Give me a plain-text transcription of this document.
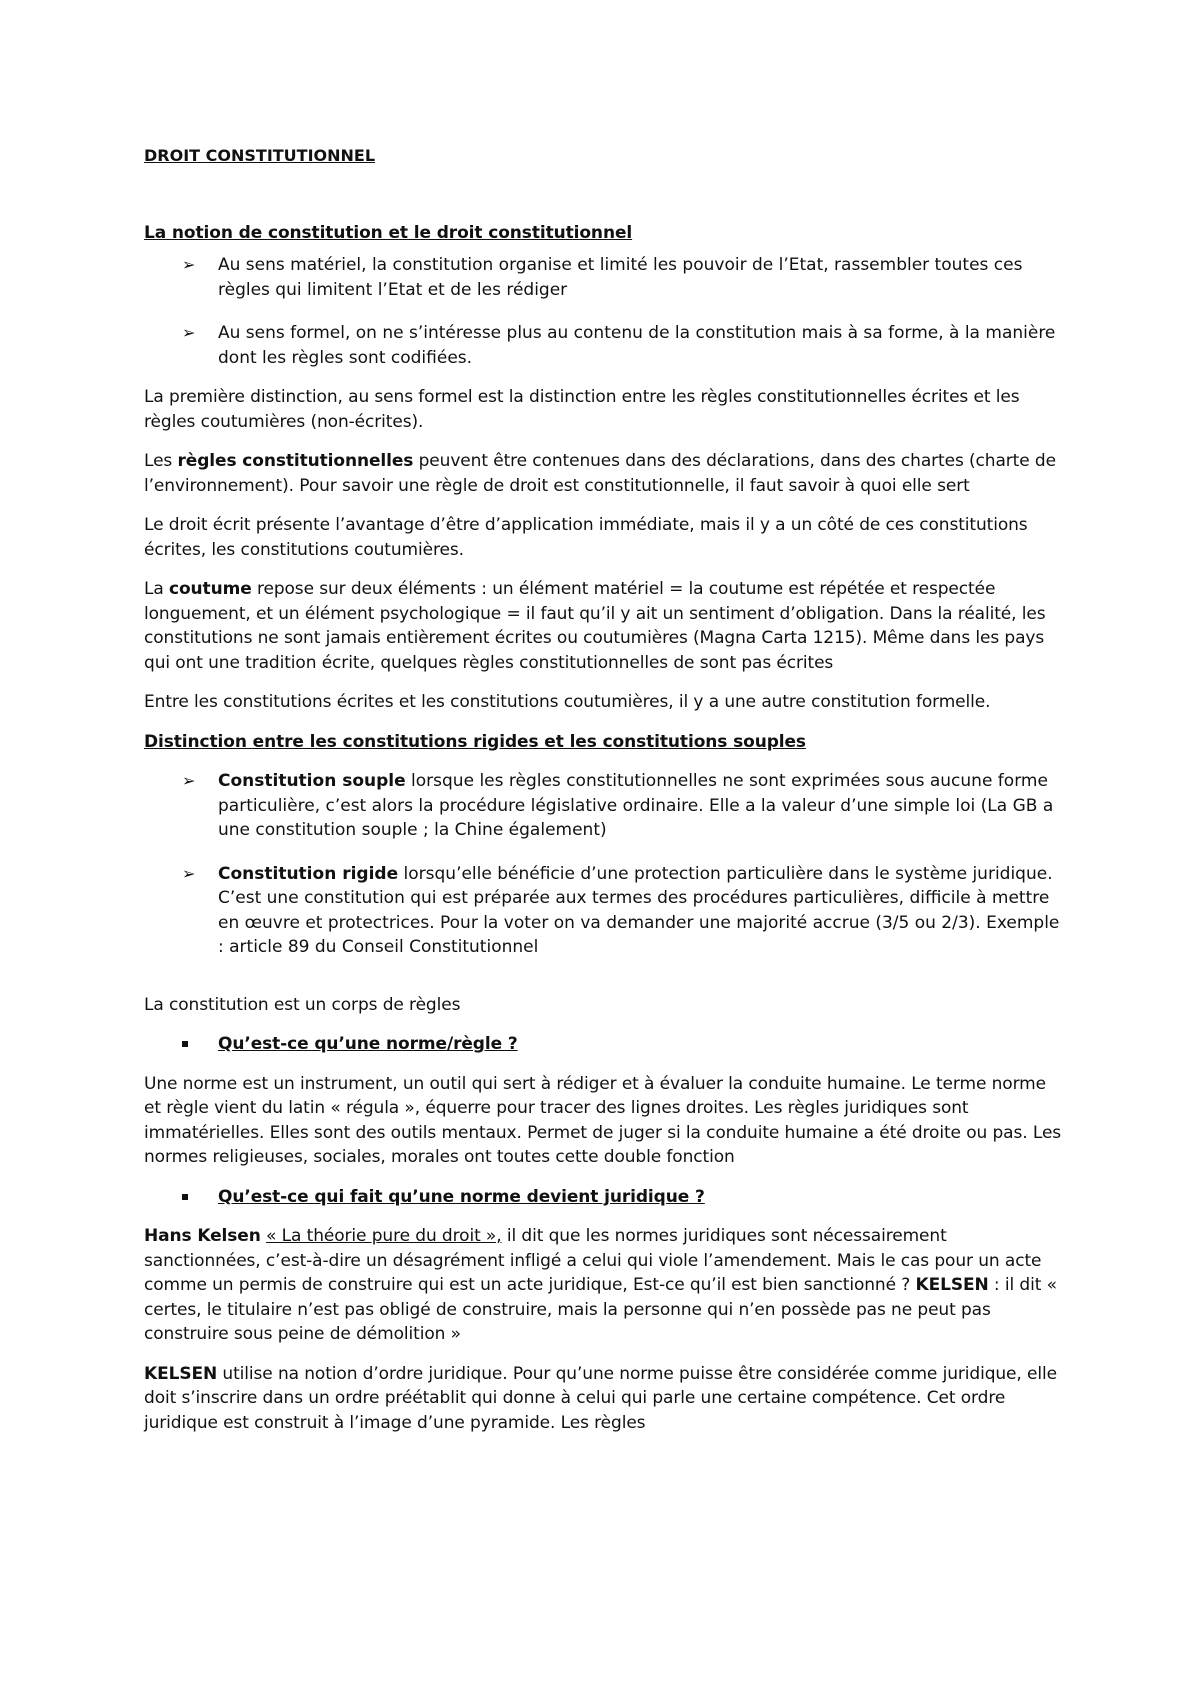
DROIT CONSTITUTIONNEL

La notion de constitution et le droit constitutionnel

➢ Au sens matériel, la constitution organise et limité les pouvoir de l’Etat, rassembler toutes ces règles qui limitent l’Etat et de les rédiger
➢ Au sens formel, on ne s’intéresse plus au contenu de la constitution mais à sa forme, à la manière dont les règles sont codifiées.

La première distinction, au sens formel est la distinction entre les règles constitutionnelles écrites et les règles coutumières (non-écrites).

Les règles constitutionnelles peuvent être contenues dans des déclarations, dans des chartes (charte de l’environnement). Pour savoir une règle de droit est constitutionnelle, il faut savoir à quoi elle sert

Le droit écrit présente l’avantage d’être d’application immédiate, mais il y a un côté de ces constitutions écrites, les constitutions coutumières.

La coutume repose sur deux éléments : un élément matériel = la coutume est répétée et respectée longuement, et un élément psychologique = il faut qu’il y ait un sentiment d’obligation. Dans la réalité, les constitutions ne sont jamais entièrement écrites ou coutumières (Magna Carta 1215). Même dans les pays qui ont une tradition écrite, quelques règles constitutionnelles de sont pas écrites

Entre les constitutions écrites et les constitutions coutumières, il y a une autre constitution formelle.

Distinction entre les constitutions rigides et les constitutions souples

➢ Constitution souple lorsque les règles constitutionnelles ne sont exprimées sous aucune forme particulière, c’est alors la procédure législative ordinaire. Elle a la valeur d’une simple loi (La GB a une constitution souple ; la Chine également)
➢ Constitution rigide lorsqu’elle bénéficie d’une protection particulière dans le système juridique. C’est une constitution qui est préparée aux termes des procédures particulières, difficile à mettre en œuvre et protectrices. Pour la voter on va demander une majorité accrue (3/5 ou 2/3). Exemple : article 89 du Conseil Constitutionnel

La constitution est un corps de règles

Qu’est-ce qu’une norme/règle ?

Une norme est un instrument, un outil qui sert à rédiger et à évaluer la conduite humaine. Le terme norme et règle vient du latin « régula », équerre pour tracer des lignes droites. Les règles juridiques sont immatérielles. Elles sont des outils mentaux. Permet de juger si la conduite humaine a été droite ou pas. Les normes religieuses, sociales, morales ont toutes cette double fonction

Qu’est-ce qui fait qu’une norme devient juridique ?

Hans Kelsen « La théorie pure du droit », il dit que les normes juridiques sont nécessairement sanctionnées, c’est-à-dire un désagrément infligé a celui qui viole l’amendement. Mais le cas pour un acte comme un permis de construire qui est un acte juridique, Est-ce qu’il est bien sanctionné ? KELSEN : il dit « certes, le titulaire n’est pas obligé de construire, mais la personne qui n’en possède pas ne peut pas construire sous peine de démolition »

KELSEN utilise na notion d’ordre juridique. Pour qu’une norme puisse être considérée comme juridique, elle doit s’inscrire dans un ordre préétablit qui donne à celui qui parle une certaine compétence. Cet ordre juridique est construit à l’image d’une pyramide. Les règles
